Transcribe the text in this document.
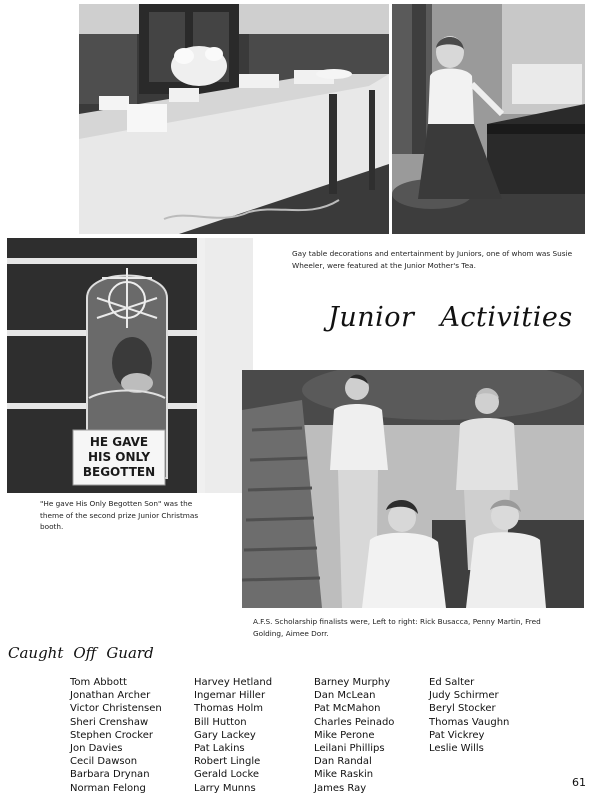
Gay table decorations and entertainment by Juniors, one of whom was Susie Wheeler, were featured at the Junior Mother's Tea.
HE GAVE
HIS ONLY
BEGOTTEN
"He gave His Only Begotten Son" was the theme of the second prize Junior Christmas booth.
Junior Activities
A.F.S. Scholarship finalists were, Left to right: Rick Busacca, Penny Martin, Fred Golding, Aimee Dorr.
Caught Off Guard
Tom Abbott
Jonathan Archer
Victor Christensen
Sheri Crenshaw
Stephen Crocker
Jon Davies
Cecil Dawson
Barbara Drynan
Norman Felong
Harvey Hetland
Ingemar Hiller
Thomas Holm
Bill Hutton
Gary Lackey
Pat Lakins
Robert Lingle
Gerald Locke
Larry Munns
Barney Murphy
Dan McLean
Pat McMahon
Charles Peinado
Mike Perone
Leilani Phillips
Dan Randal
Mike Raskin
James Ray
Ed Salter
Judy Schirmer
Beryl Stocker
Thomas Vaughn
Pat Vickrey
Leslie Wills
61
